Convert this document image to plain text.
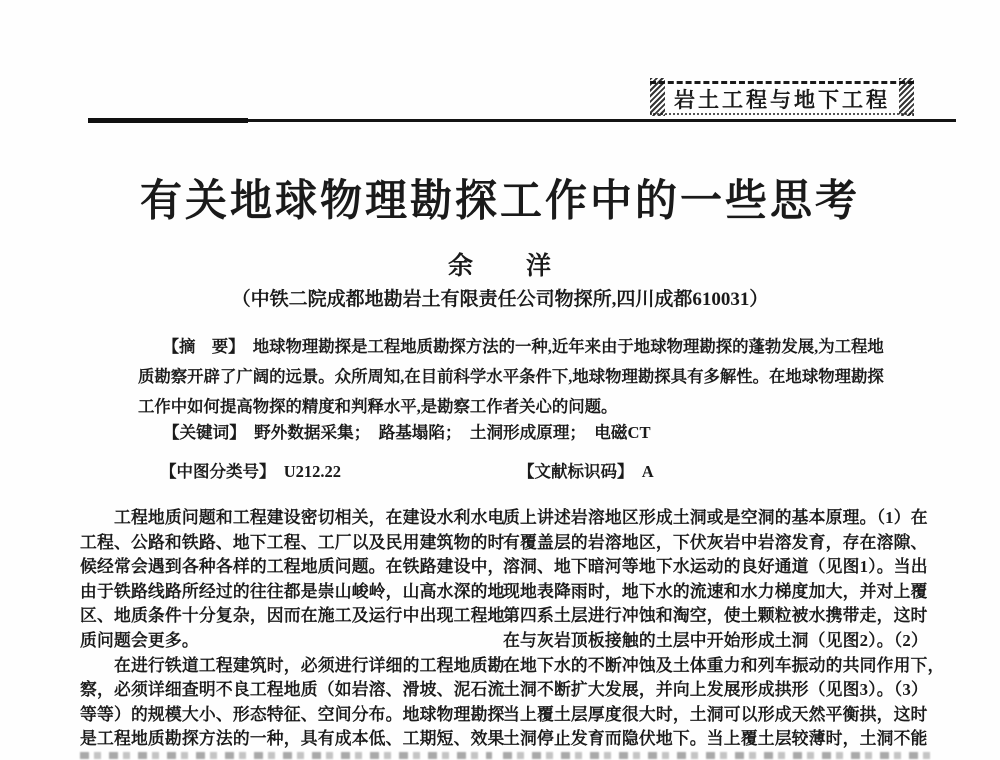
岩土工程与地下工程
有关地球物理勘探工作中的一些思考
余　　洋
（中铁二院成都地勘岩土有限责任公司物探所,四川成都610031）
　　【摘　要】　地球物理勘探是工程地质勘探方法的一种,近年来由于地球物理勘探的蓬勃发展,为工程地
质勘察开辟了广阔的远景。众所周知,在目前科学水平条件下,地球物理勘探具有多解性。在地球物理勘探
工作中如何提高物探的精度和判释水平,是勘察工作者关心的问题。
　　【关键词】　野外数据采集；　路基塌陷；　土洞形成原理；　电磁CT
【中图分类号】　U212.22	【文献标识码】　A
　　工程地质问题和工程建设密切相关，在建设水利水电
工程、公路和铁路、地下工程、工厂以及民用建筑物的时
候经常会遇到各种各样的工程地质问题。在铁路建设中，
由于铁路线路所经过的往往都是崇山峻岭，山高水深的地
区、地质条件十分复杂，因而在施工及运行中出现工程地
质问题会更多。
　　在进行铁道工程建筑时，必须进行详细的工程地质勘
察，必须详细查明不良工程地质（如岩溶、滑坡、泥石流
等等）的规模大小、形态特征、空间分布。地球物理勘探
是工程地质勘探方法的一种，具有成本低、工期短、效果
质上讲述岩溶地区形成土洞或是空洞的基本原理。（1）在
有覆盖层的岩溶地区，下伏灰岩中岩溶发育，存在溶隙、
溶洞、地下暗河等地下水运动的良好通道（见图1）。当出
现地表降雨时，地下水的流速和水力梯度加大，并对上覆
第四系土层进行冲蚀和淘空，使土颗粒被水携带走，这时
在与灰岩顶板接触的土层中开始形成土洞（见图2）。（2）
在地下水的不断冲蚀及土体重力和列车振动的共同作用下，
土洞不断扩大发展，并向上发展形成拱形（见图3）。（3）
当上覆土层厚度很大时，土洞可以形成天然平衡拱，这时
土洞停止发育而隐伏地下。当上覆土层较薄时，土洞不能
